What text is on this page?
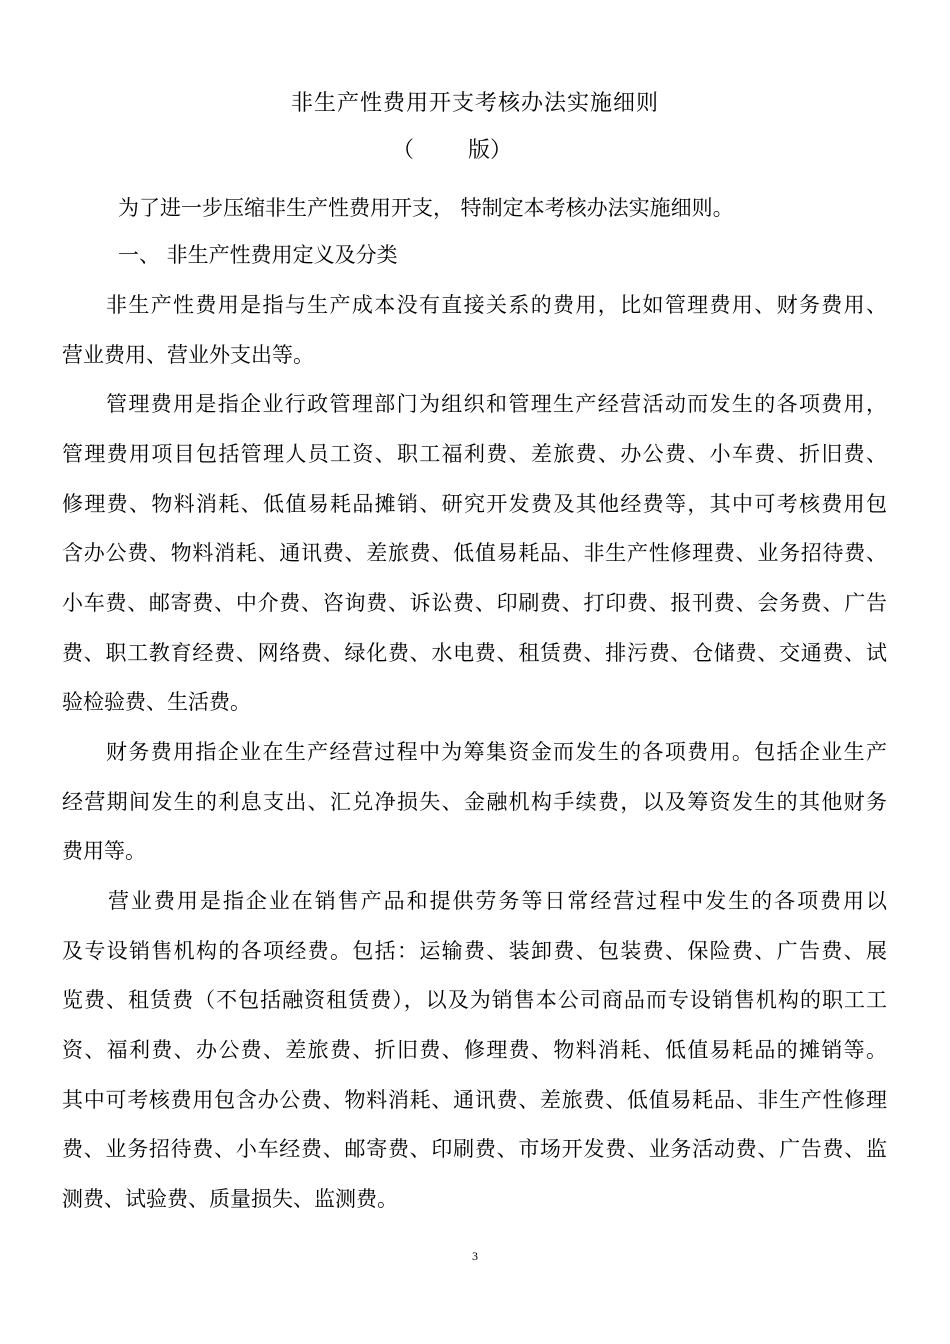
非生产性费用开支考核办法实施细则
（ 版 ）
为了进一步压缩非生产性费用开支， 特制定本考核办法实施细则。
一、 非生产性费用定义及分类
非生产性费用是指与生产成本没有直接关系的费用，比如管理费用、财务费用、
营业费用、营业外支出等。
管理费用是指企业行政管理部门为组织和管理生产经营活动而发生的各项费用，
管理费用项目包括管理人员工资、职工福利费、差旅费、办公费、小车费、折旧费、
修理费、物料消耗、低值易耗品摊销、研究开发费及其他经费等，其中可考核费用包
含办公费、物料消耗、通讯费、差旅费、低值易耗品、非生产性修理费、业务招待费、
小车费、邮寄费、中介费、咨询费、诉讼费、印刷费、打印费、报刊费、会务费、广告
费、职工教育经费、网络费、绿化费、水电费、租赁费、排污费、仓储费、交通费、试
验检验费、生活费。
财务费用指企业在生产经营过程中为筹集资金而发生的各项费用。包括企业生产
经营期间发生的利息支出、汇兑净损失、金融机构手续费，以及筹资发生的其他财务
费用等。
营业费用是指企业在销售产品和提供劳务等日常经营过程中发生的各项费用以
及专设销售机构的各项经费。包括：运输费、装卸费、包装费、保险费、广告费、展
览费、租赁费（不包括融资租赁费），以及为销售本公司商品而专设销售机构的职工工
资、福利费、办公费、差旅费、折旧费、修理费、物料消耗、低值易耗品的摊销等。
其中可考核费用包含办公费、物料消耗、通讯费、差旅费、低值易耗品、非生产性修理
费、业务招待费、小车经费、邮寄费、印刷费、市场开发费、业务活动费、广告费、监
测费、试验费、质量损失、监测费。
3
